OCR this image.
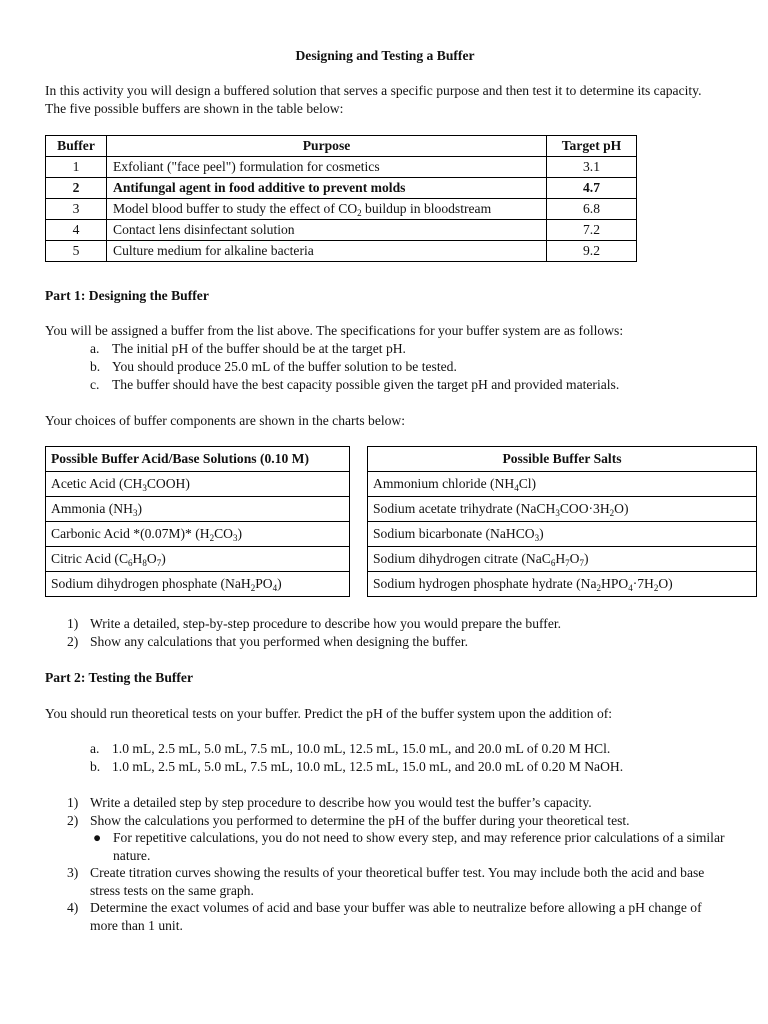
Designing and Testing a Buffer
In this activity you will design a buffered solution that serves a specific purpose and then test it to determine its capacity. The five possible buffers are shown in the table below:
Buffer	Purpose	Target pH
1	Exfoliant ("face peel") formulation for cosmetics	3.1
2	Antifungal agent in food additive to prevent molds	4.7
3	Model blood buffer to study the effect of $CO_2$ buildup in bloodstream	6.8
4	Contact lens disinfectant solution	7.2
5	Culture medium for alkaline bacteria	9.2
Part 1: Designing the Buffer
You will be assigned a buffer from the list above. The specifications for your buffer system are as follows:
a. The initial pH of the buffer should be at the target pH.
b. You should produce 25.0 mL of the buffer solution to be tested.
c. The buffer should have the best capacity possible given the target pH and provided materials.
Your choices of buffer components are shown in the charts below:
Possible Buffer Acid/Base Solutions (0.10 M)
Acetic Acid $(CH_3COOH)$
Ammonia $(NH_3)$
Carbonic Acid *(0.07M)* $(H_2CO_3)$
Citric Acid $(C_6H_8O_7)$
Sodium dihydrogen phosphate $(NaH_2PO_4)$
Possible Buffer Salts
Ammonium chloride $(NH_4Cl)$
Sodium acetate trihydrate $(NaCH_3COO\cdot 3H_2O)$
Sodium bicarbonate (NaHCO$_3$)
Sodium dihydrogen citrate $(NaC_6H_7O_7)$
Sodium hydrogen phosphate hydrate $(Na_2HPO_4\cdot 7H_2O)$
1) Write a detailed, step-by-step procedure to describe how you would prepare the buffer.
2) Show any calculations that you performed when designing the buffer.
Part 2: Testing the Buffer
You should run theoretical tests on your buffer. Predict the pH of the buffer system upon the addition of:
a. 1.0 mL, 2.5 mL, 5.0 mL, 7.5 mL, 10.0 mL, 12.5 mL, 15.0 mL, and 20.0 mL of 0.20 M HCl.
b. 1.0 mL, 2.5 mL, 5.0 mL, 7.5 mL, 10.0 mL, 12.5 mL, 15.0 mL, and 20.0 mL of 0.20 M NaOH.
1) Write a detailed step by step procedure to describe how you would test the buffer’s capacity.
2) Show the calculations you performed to determine the pH of the buffer during your theoretical test.
● For repetitive calculations, you do not need to show every step, and may reference prior calculations of a similar nature.
3) Create titration curves showing the results of your theoretical buffer test. You may include both the acid and base stress tests on the same graph.
4) Determine the exact volumes of acid and base your buffer was able to neutralize before allowing a pH change of more than 1 unit.
